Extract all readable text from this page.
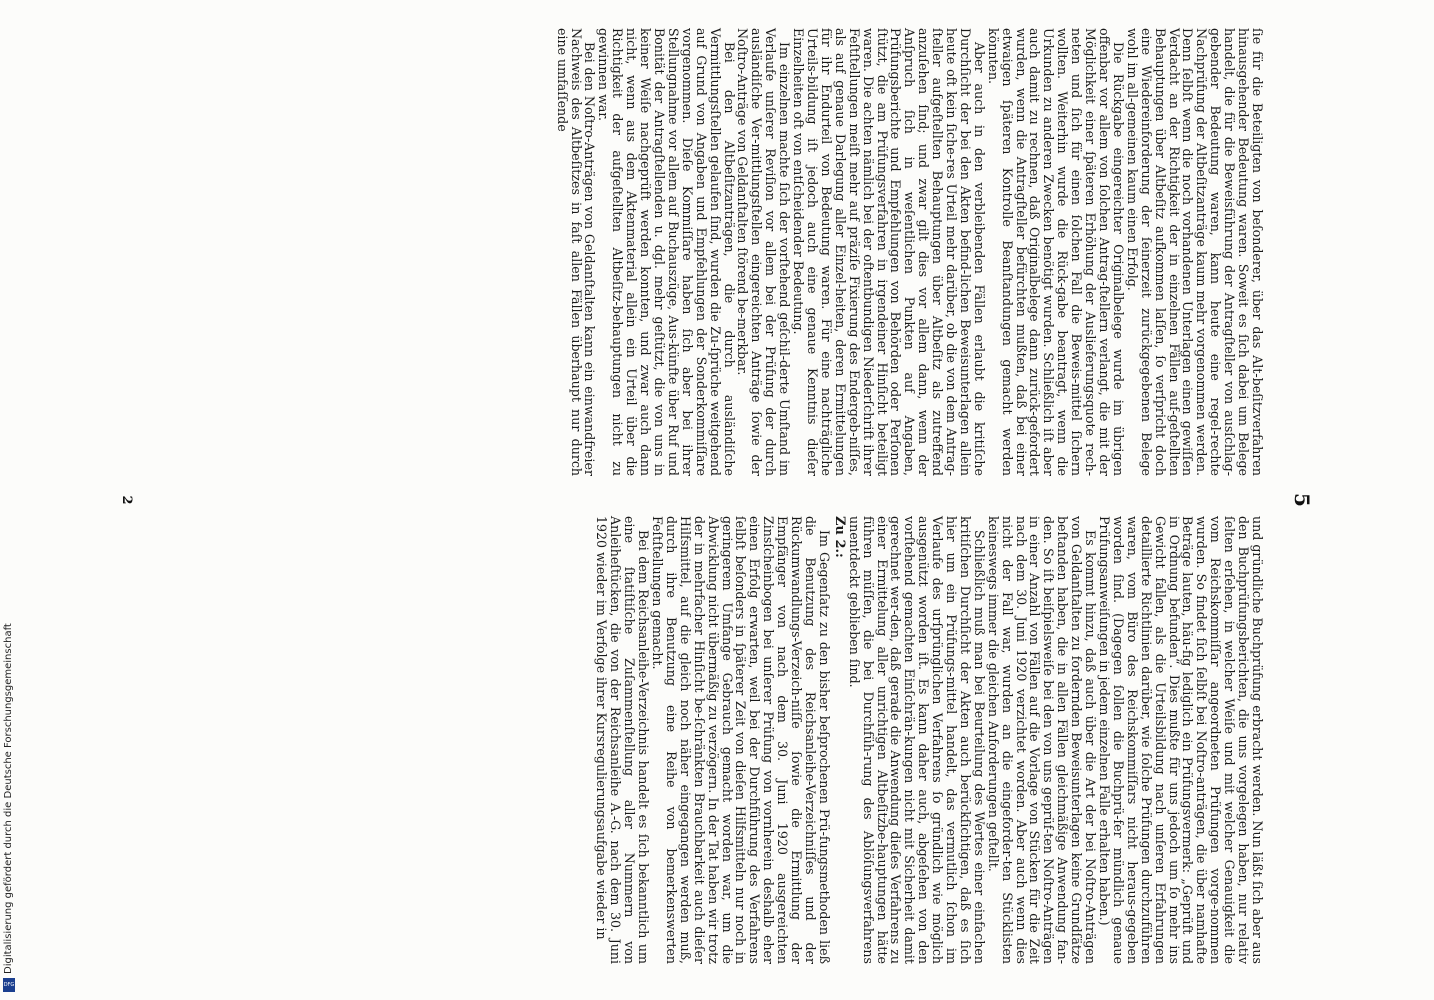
5

ſie für die Beteiligten von beſonderer, über das Alt-beſitzverfahren hinausgehender Bedeutung waren. Soweit es ſich dabei um Belege handelt, die für die Beweisführung der Antragſteller von ausſchlag-gebender Bedeutung waren, kann heute eine regel-rechte Nachprüfung der Altbeſitzanträge kaum mehr vorgenommen werden. Denn ſelbſt wenn die noch vorhandenen Unterlagen einen gewiſſen Verdacht an der Richtigkeit der in einzelnen Fällen auf-geſtellten Behauptungen über Altbeſitz aufkommen laſſen, ſo verſpricht doch eine Wiedereinforderung der ſeinerzeit zurückgegebenen Belege wohl im all-gemeinen kaum einen Erfolg.

Die Rückgabe eingereichter Originalbelege wurde im übrigen offenbar vor allem von ſolchen Antrag-ſtellern verlangt, die mit der Möglichkeit einer ſpäteren Erhöhung der Auslieferungsquote rech-neten und ſich für einen ſolchen Fall die Beweis-mittel ſichern wollten. Weiterhin wurde die Rück-gabe beantragt, wenn die Urkunden zu anderen Zwecken benötigt wurden. Schließlich iſt aber auch damit zu rechnen, daß Originalbelege dann zurück-gefordert wurden, wenn die Antragſteller befürchten mußten, daß bei einer etwaigen ſpäteren Kontrolle Beanſtandungen gemacht werden könnten.

Aber auch in den verbleibenden Fällen erlaubt die kritiſche Durchſicht der bei den Akten befind-lichen Beweisunterlagen allein heute oft kein ſiche-res Urteil mehr darüber, ob die von dem Antrag-ſteller aufgeſtellten Behauptungen über Altbeſitz als zutreffend anzuſehen ſind; und zwar gilt dies vor allem dann, wenn der Anſpruch ſich in weſentlichen Punkten auf Angaben, Prüfungsberichte und Empfehlungen von Behörden oder Perſonen ſtützt, die am Prüfungsverfahren in irgendeiner Hinſicht beteiligt waren. Die achten nämlich bei der oftentbundigen Niederſchrift ihrer Feſtſtellungen meiſt mehr auf präziſe Fixierung des Endergeb-niſſes, als auf genaue Darlegung aller Einzel-heiten, deren Ermittelungen für ihr Endurteil von Bedeutung waren. Für eine nachträgliche Urteils-bildung iſt jedoch auch eine genaue Kenntnis dieſer Einzelheiten oft von entſcheidender Bedeutung.

Im einzelnen machte ſich der vorſtehend geſchil-derte Umſtand im Verlaufe unſerer Reviſion vor allem bei der Prüfung der durch ausländiſche Ver-mittlungsſtellen eingereichten Anträge ſowie der Noſtro-Anträge von Geldanſtalten ſtörend be-merkbar.

Bei den Altbeſitzanträgen, die durch ausländiſche Vermittlungsſtellen gelaufen ſind, wurden die Zu-ſprüche weitgehend auf Grund von Angaben und Empfehlungen der Sonderkommiſſare vorgenommen. Dieſe Kommiſſare haben ſich aber bei ihrer Stellungnahme vor allem auf Buchauszüge, Aus-künfte über Ruf und Bonität der Antragſtellenden u. dgl. mehr geſtützt, die von uns in keiner Weiſe nachgeprüft werden konnten, und zwar auch dann nicht, wenn aus dem Aktenmaterial allein ein Urteil über die Richtigkeit der aufgeſtellten Altbeſitz-behauptungen nicht zu gewinnen war.

Bei den Noſtro-Anträgen von Geldanſtalten kann ein einwandfreier Nachweis des Altbeſitzes in faſt allen Fällen überhaupt nur durch eine umfaſſende

und gründliche Buchprüfung erbracht werden. Nun läßt ſich aber aus den Buchprüfungsberichten, die uns vorgelegen haben, nur relativ ſelten erſehen, in welcher Weiſe und mit welcher Genauigkeit die vom Reichskommiſſar angeordneten Prüfungen vorge-nommen wurden. So findet ſich ſelbſt bei Noſtro-anträgen, die über namhafte Beträge lauten, häu-fig lediglich ein Prüfungsvermerk: „Geprüft und in Ordnung befunden“. Dies mußte für uns jedoch um ſo mehr ins Gewicht fallen, als die Urteilsbildung nach unſeren Erfahrungen detaillierte Richtlinien darüber, wie ſolche Prüfungen durchzuführen waren, vom Büro des Reichskommiſſars nicht heraus-gegeben worden ſind. (Dagegen ſollen die Buchprü-fer mündlich genaue Prüfungsanweiſungen in jedem einzelnen Falle erhalten haben.)

Es kommt hinzu, daß auch über die Art der bei Noſtro-Anträgen von Geldanſtalten zu fordernden Beweisunterlagen keine Grundſätze beſtanden haben, die in allen Fällen gleichmäßige Anwendung fan-den. So iſt beiſpielsweiſe bei den von uns geprüf-ten Noſtro-Anträgen in einer Anzahl von Fällen auf die Vorlage von Stücken für die Zeit nach dem 30. Juni 1920 verzichtet worden. Aber auch wenn dies nicht der Fall war, wurden an die eingeforder-ten Stücklisten keineswegs immer die gleichen Anforderungen geſtellt.

Schließlich muß man bei Beurteilung des Wertes einer einfachen kritiſchen Durchſicht der Akten auch berückſichtigen, daß es ſich hier um ein Prüfungs-mittel handelt, das vermutlich ſchon im Verlaufe des urſprünglichen Verfahrens ſo gründlich wie möglich ausgenützt worden iſt. Es kann daher auch, abgeſehen von den vorſtehend gemachten Einſchrän-kungen nicht mit Sicherheit damit gerechnet wer-den, daß gerade die Anwendung dieſes Verfahrens zu einer Ermittelung aller unrichtigen Altbeſitzbe-hauptungen hätte führen müſſen, die bei Durchfüh-rung des Ablöſungsverfahrens unentdeckt geblieben ſind.

Zu 2.:

Im Gegenſatz zu den bisher beſprochenen Prü-fungsmethoden ließ die Benutzung des Reichsanleihe-Verzeichniſſes und der Rückumwandlungs-Verzeich-niſſe ſowie die Ermittlung der Empfänger von nach dem 30. Juni 1920 ausgereichten Zinsſcheinbogen bei unſerer Prüfung von vornherein deshalb eher einen Erfolg erwarten, weil bei der Durchführung des Verfahrens ſelbſt beſonders in ſpäterer Zeit von dieſen Hilfsmitteln nur noch in geringerem Umfange Gebrauch gemacht worden war, um die Abwicklung nicht übermäßig zu verzögern. In der Tat haben wir trotz der in mehrfacher Hinſicht be-ſchränkten Brauchbarkeit auch dieſer Hilfsmittel, auf die gleich noch näher eingegangen werden muß, durch ihre Benutzung eine Reihe von bemerkenswerten Feſtſtellungen gemacht.

Bei dem Reichsanleihe-Verzeichnis handelt es ſich bekanntlich um eine ſtatiſtiſche Zuſammenſtellung aller Nummern von Anleiheſtücken, die von der Reichsanleihe A.-G. nach dem 30. Juni 1920 wieder im Verfolge ihrer Kursregulierungsaufgabe wieder in

2
Digitalisierung gefördert durch die Deutsche Forschungsgemeinschaft
DFG
